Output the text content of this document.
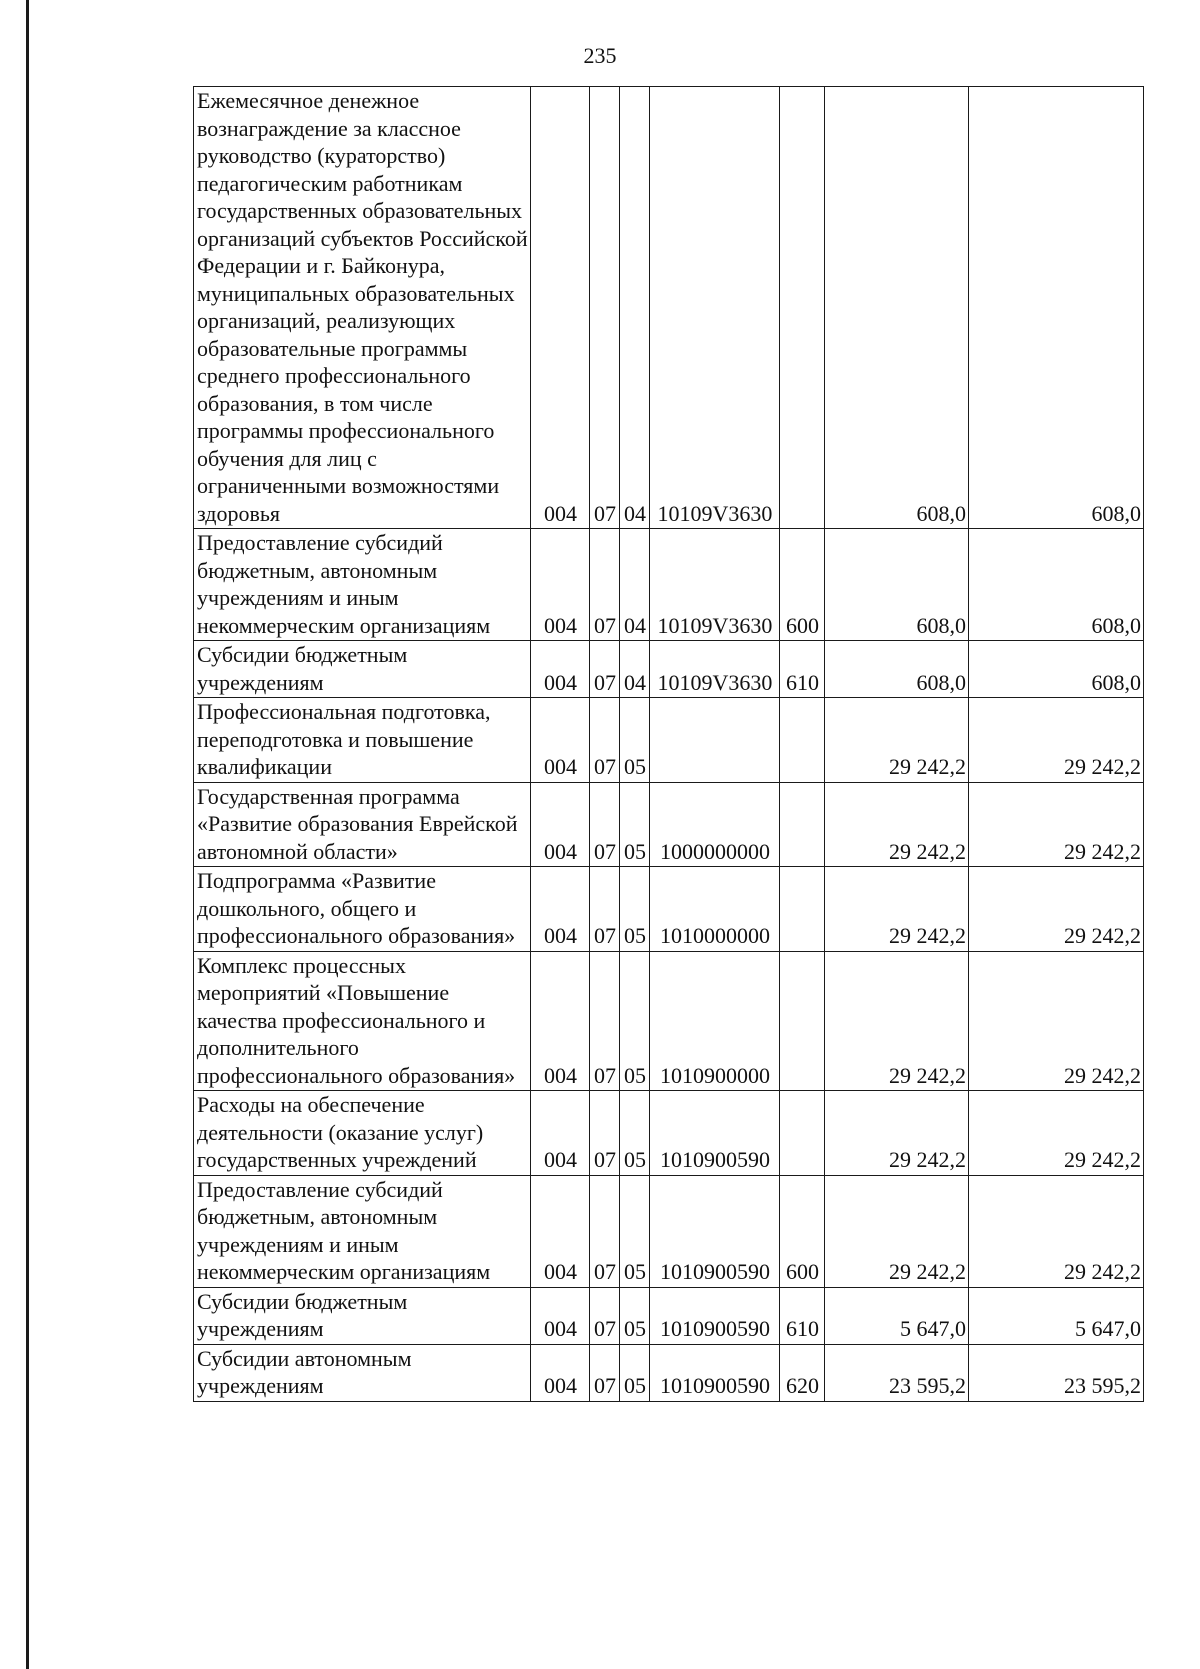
235
Ежемесячное денежное вознаграждение за классное руководство (кураторство) педагогическим работникам государственных образовательных организаций субъектов Российской Федерации и г. Байконура, муниципальных образовательных организаций, реализующих образовательные программы среднего профессионального образования, в том числе программы профессионального обучения для лиц с ограниченными возможностями здоровья	004	07	04	10109V3630		608,0	608,0
Предоставление субсидий бюджетным, автономным учреждениям и иным некоммерческим организациям	004	07	04	10109V3630	600	608,0	608,0
Субсидии бюджетным учреждениям	004	07	04	10109V3630	610	608,0	608,0
Профессиональная подготовка, переподготовка и повышение квалификации	004	07	05			29 242,2	29 242,2
Государственная программа «Развитие образования Еврейской автономной области»	004	07	05	1000000000		29 242,2	29 242,2
Подпрограмма «Развитие дошкольного, общего и профессионального образования»	004	07	05	1010000000		29 242,2	29 242,2
Комплекс процессных мероприятий «Повышение качества профессионального и дополнительного профессионального образования»	004	07	05	1010900000		29 242,2	29 242,2
Расходы на обеспечение деятельности (оказание услуг) государственных учреждений	004	07	05	1010900590		29 242,2	29 242,2
Предоставление субсидий бюджетным, автономным учреждениям и иным некоммерческим организациям	004	07	05	1010900590	600	29 242,2	29 242,2
Субсидии бюджетным учреждениям	004	07	05	1010900590	610	5 647,0	5 647,0
Субсидии автономным учреждениям	004	07	05	1010900590	620	23 595,2	23 595,2
